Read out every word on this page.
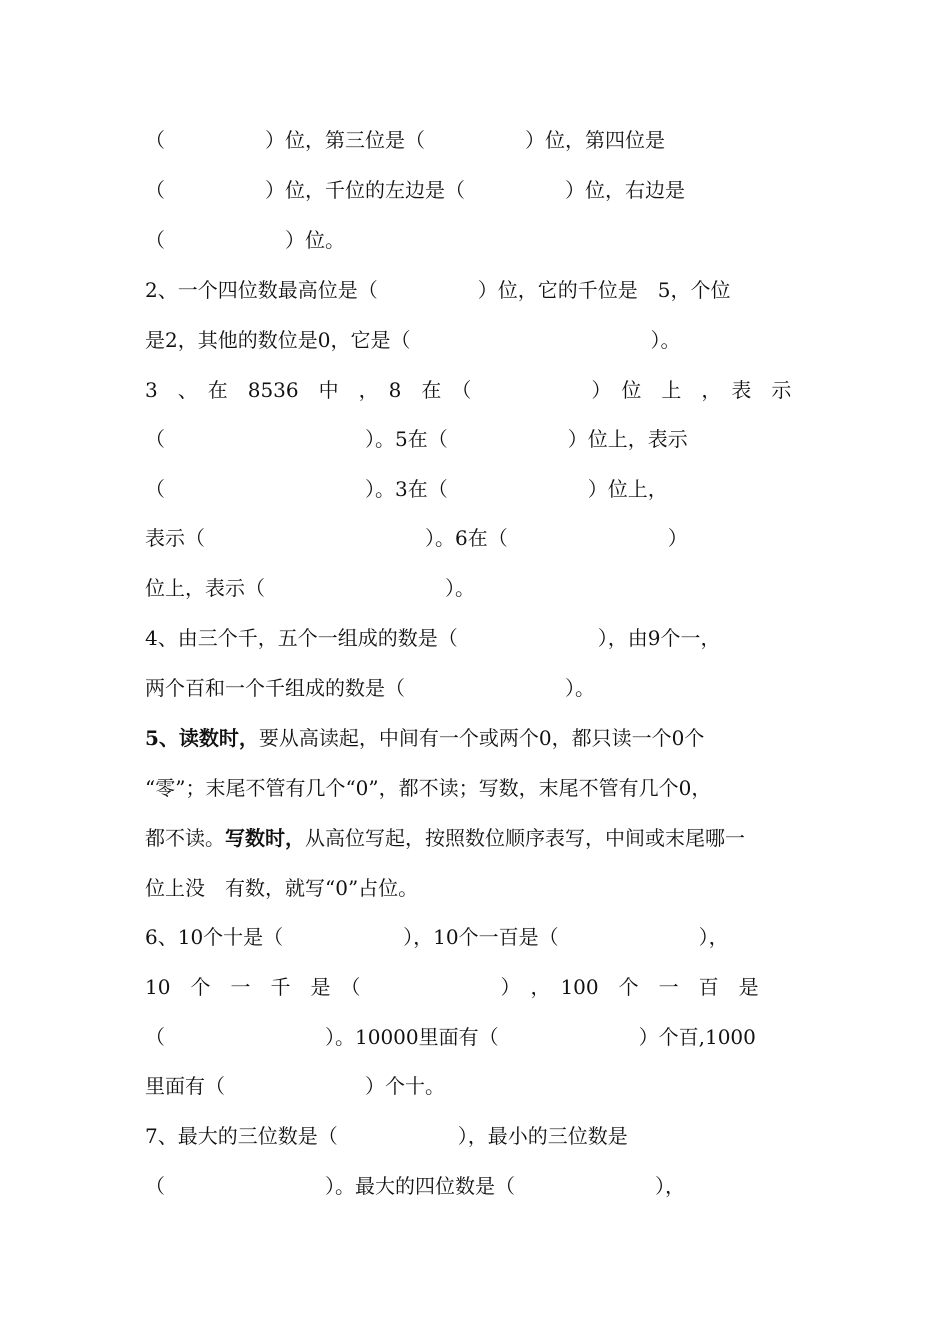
（　　　　　）位，第三位是（　　　　　）位，第四位是
（　　　　　）位，千位的左边是（　　　　　）位，右边是
（　　　　　　）位。
2、一个四位数最高位是（　　　　　）位，它的千位是　5，个位
是2，其他的数位是0，它是（　　　　　　　　　　　　）。
3　、　在　8536　中　，　8　在　（　　　　　　）　位　上　，　表　示
（　　　　　　　　　　）。5在（　　　　　　）位上，表示
（　　　　　　　　　　）。3在（　　　　　　　）位上，
表示（　　　　　　　　　　　）。6在（　　　　　　　　）
位上，表示（　　　　　　　　　）。
4、由三个千，五个一组成的数是（　　　　　　　），由9个一，
两个百和一个千组成的数是（　　　　　　　　）。
5、读数时，要从高读起，中间有一个或两个0，都只读一个0个
“零”；末尾不管有几个“0”，都不读；写数，末尾不管有几个0，
都不读。写数时，从高位写起，按照数位顺序表写，中间或末尾哪一
位上没　有数，就写“0”占位。
6、10个十是（　　　　　　），10个一百是（　　　　　　　），
10　个　一　千　是　（　　　　　　　）　，　100　个　一　百　是
（　　　　　　　　）。10000里面有（　　　　　　　）个百,1000
里面有（　　　　　　　）个十。
7、最大的三位数是（　　　　　　），最小的三位数是
（　　　　　　　　）。最大的四位数是（　　　　　　　），
